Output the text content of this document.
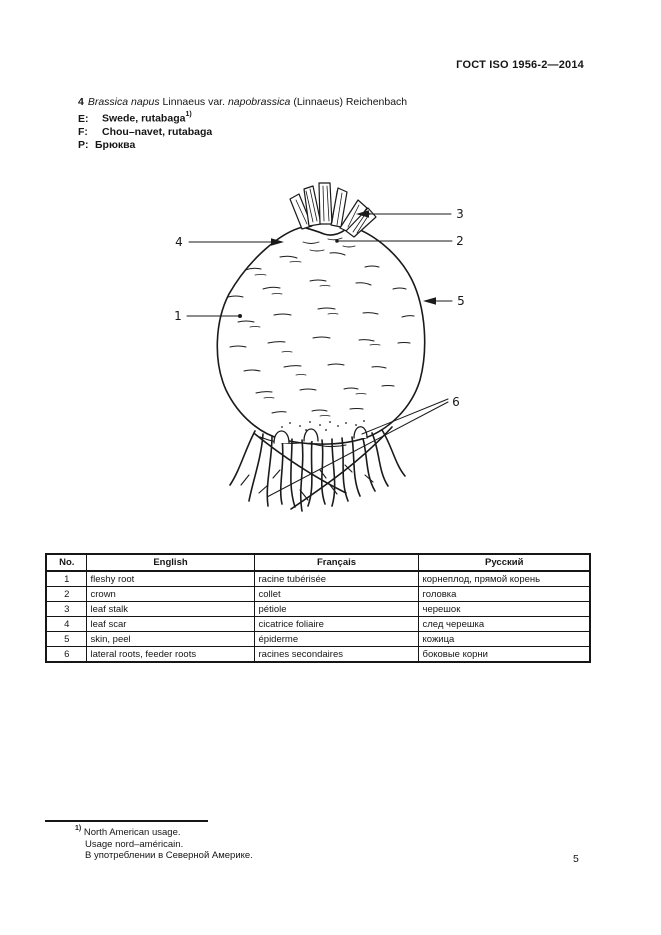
ГОСТ ISO 1956-2—2014
4 Brassica napus Linnaeus var. napobrassica (Linnaeus) Reichenbach
E: Swede, rutabaga$^{1)}$
F: Chou–navet, rutabaga
P: Брюква
1
4	2
3
5
6
No.	English	Français	Русский
1	fleshy root	racine tubérisée	корнеплод, прямой корень
2	crown	collet	головка
3	leaf stalk	pétiole	черешок
4	leaf scar	cicatrice foliaire	след черешка
5	skin, peel	épiderme	кожица
6	lateral roots, feeder roots	racines secondaires	боковые корни
$^{1)}$ North American usage.
Usage nord–américain.
В употреблении в Северной Америке.	5
